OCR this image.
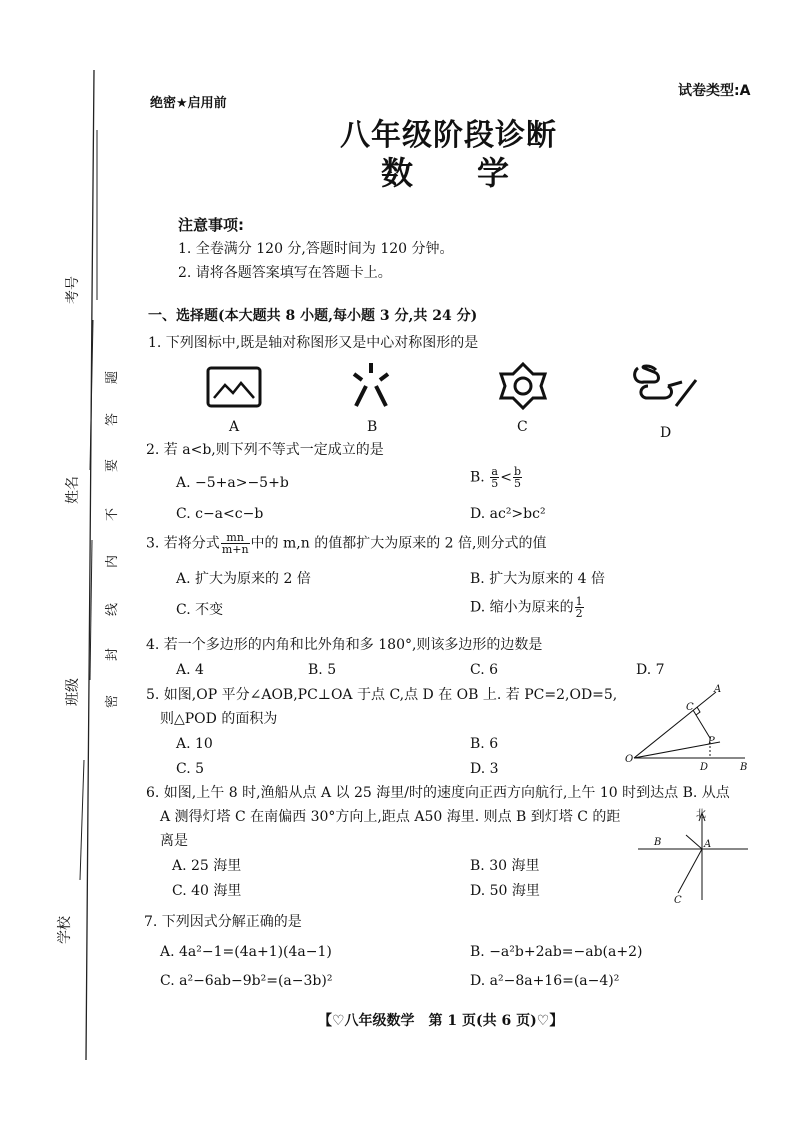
考号
姓名
班级
学校
题
答
要
不
内
线
封
密
绝密★启用前
试卷类型:A
八年级阶段诊断
数　　学
注意事项:
1. 全卷满分 120 分,答题时间为 120 分钟。
2. 请将各题答案填写在答题卡上。
一、选择题(本大题共 8 小题,每小题 3 分,共 24 分)
1. 下列图标中,既是轴对称图形又是中心对称图形的是
A	B	C	D
2. 若 a<b,则下列不等式一定成立的是
A. −5+a>−5+b	B. $\frac{a}{5} < \frac{b}{5}$
C. c−a<c−b	D. ac²>bc²
3. 若将分式 $\frac{mn}{m+n}$ 中的 m,n 的值都扩大为原来的 2 倍,则分式的值
A. 扩大为原来的 2 倍	B. 扩大为原来的 4 倍
C. 不变	D. 缩小为原来的 $\frac{1}{2}$
4. 若一个多边形的内角和比外角和多 180°,则该多边形的边数是
A. 4	B. 5	C. 6	D. 7
5. 如图,OP 平分∠AOB,PC⊥OA 于点 C,点 D 在 OB 上. 若 PC=2,OD=5,
则△POD 的面积为
A. 10	B. 6
C. 5	D. 3
O
A
C
P
D	B
6. 如图,上午 8 时,渔船从点 A 以 25 海里/时的速度向正西方向航行,上午 10 时到达点 B. 从点
A 测得灯塔 C 在南偏西 30°方向上,距点 A50 海里. 则点 B 到灯塔 C 的距
离是
A. 25 海里	B. 30 海里
C. 40 海里	D. 50 海里
北
B	A
C
7. 下列因式分解正确的是
A. 4a²−1=(4a+1)(4a−1)	B. −a²b+2ab=−ab(a+2)
C. a²−6ab−9b²=(a−3b)²	D. a²−8a+16=(a−4)²
【♡八年级数学　第 1 页(共 6 页)♡】
